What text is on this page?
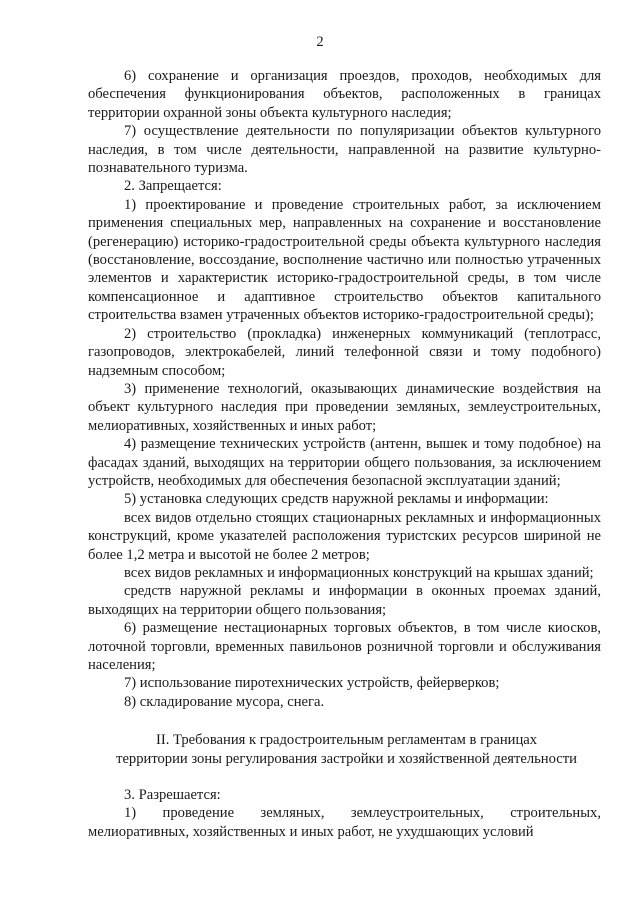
2

6) сохранение и организация проездов, проходов, необходимых для обеспечения функционирования объектов, расположенных в границах территории охранной зоны объекта культурного наследия;

7) осуществление деятельности по популяризации объектов культурного наследия, в том числе деятельности, направленной на развитие культурно-познавательного туризма.

2. Запрещается:

1) проектирование и проведение строительных работ, за исключением применения специальных мер, направленных на сохранение и восстановление (регенерацию) историко-градостроительной среды объекта культурного наследия (восстановление, воссоздание, восполнение частично или полностью утраченных элементов и характеристик историко-градостроительной среды, в том числе компенсационное и адаптивное строительство объектов капитального строительства взамен утраченных объектов историко-градостроительной среды);

2) строительство (прокладка) инженерных коммуникаций (теплотрасс, газопроводов, электрокабелей, линий телефонной связи и тому подобного) надземным способом;

3) применение технологий, оказывающих динамические воздействия на объект культурного наследия при проведении земляных, землеустроительных, мелиоративных, хозяйственных и иных работ;

4) размещение технических устройств (антенн, вышек и тому подобное) на фасадах зданий, выходящих на территории общего пользования, за исключением устройств, необходимых для обеспечения безопасной эксплуатации зданий;

5) установка следующих средств наружной рекламы и информации:

всех видов отдельно стоящих стационарных рекламных и информационных конструкций, кроме указателей расположения туристских ресурсов шириной не более 1,2 метра и высотой не более 2 метров;

всех видов рекламных и информационных конструкций на крышах зданий;

средств наружной рекламы и информации в оконных проемах зданий, выходящих на территории общего пользования;

6) размещение нестационарных торговых объектов, в том числе киосков, лоточной торговли, временных павильонов розничной торговли и обслуживания населения;

7) использование пиротехнических устройств, фейерверков;

8) складирование мусора, снега.

II. Требования к градостроительным регламентам в границах

территории зоны регулирования застройки и хозяйственной деятельности

3. Разрешается:

1) проведение земляных, землеустроительных, строительных, мелиоративных, хозяйственных и иных работ, не ухудшающих условий
